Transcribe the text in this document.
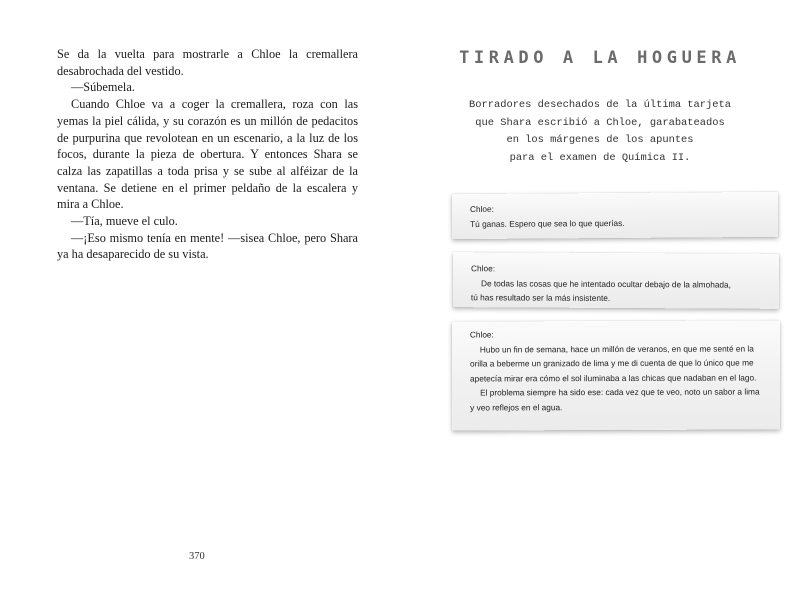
Se da la vuelta para mostrarle a Chloe la cremallera desabrochada del vestido.

—Súbemela.

Cuando Chloe va a coger la cremallera, roza con las yemas la piel cálida, y su corazón es un millón de pedacitos de purpurina que revolotean en un escenario, a la luz de los focos, durante la pieza de obertura. Y entonces Shara se calza las zapatillas a toda prisa y se sube al alféizar de la ventana. Se detiene en el primer peldaño de la escalera y mira a Chloe.

—Tía, mueve el culo.

—¡Eso mismo tenía en mente! —sisea Chloe, pero Shara ya ha desaparecido de su vista.

370
TIRADO A LA HOGUERA
Borradores desechados de la última tarjeta
que Shara escribió a Chloe, garabateados
en los márgenes de los apuntes
para el examen de Química II.

Chloe:

Tú ganas. Espero que sea lo que querías.

Chloe:

De todas las cosas que he intentado ocultar debajo de la almohada,

tú has resultado ser la más insistente.

Chloe:

Hubo un fin de semana, hace un millón de veranos, en que me senté en la

orilla a beberme un granizado de lima y me di cuenta de que lo único que me

apetecía mirar era cómo el sol iluminaba a las chicas que nadaban en el lago.

El problema siempre ha sido ese: cada vez que te veo, noto un sabor a lima

y veo reflejos en el agua.
